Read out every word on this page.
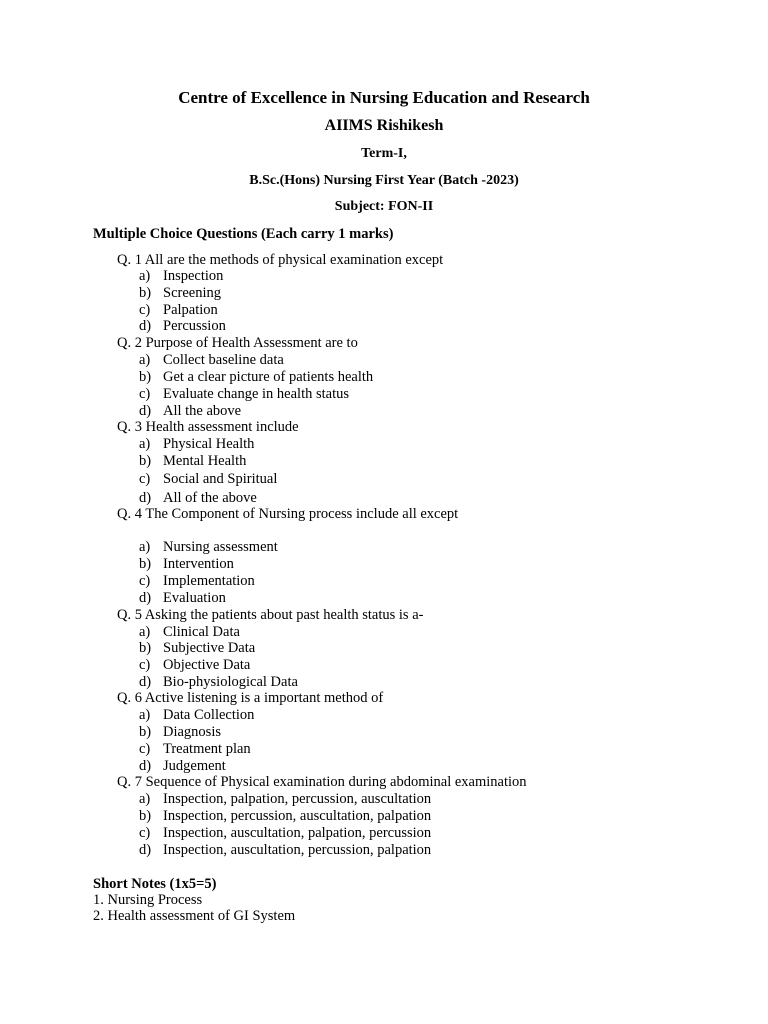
Centre of Excellence in Nursing Education and Research
AIIMS Rishikesh
Term-I,
B.Sc.(Hons) Nursing First Year (Batch -2023)
Subject: FON-II
Multiple Choice Questions (Each carry 1 marks)
Q. 1 All are the methods of physical examination except
a) Inspection
b) Screening
c) Palpation
d) Percussion
Q. 2 Purpose of Health Assessment are to
a) Collect baseline data
b) Get a clear picture of patients health
c) Evaluate change in health status
d) All the above
Q. 3 Health assessment include
a) Physical Health
b) Mental Health
c) Social and Spiritual
d) All of the above
Q. 4 The Component of Nursing process include all except
a) Nursing assessment
b) Intervention
c) Implementation
d) Evaluation
Q. 5 Asking the patients about past health status is a-
a) Clinical Data
b) Subjective Data
c) Objective Data
d) Bio-physiological Data
Q. 6 Active listening is a important method of
a) Data Collection
b) Diagnosis
c) Treatment plan
d) Judgement
Q. 7 Sequence of Physical examination during abdominal examination
a) Inspection, palpation, percussion, auscultation
b) Inspection, percussion, auscultation, palpation
c) Inspection, auscultation, palpation, percussion
d) Inspection, auscultation, percussion, palpation
Short Notes (1x5=5)
1. Nursing Process
2. Health assessment of GI System
